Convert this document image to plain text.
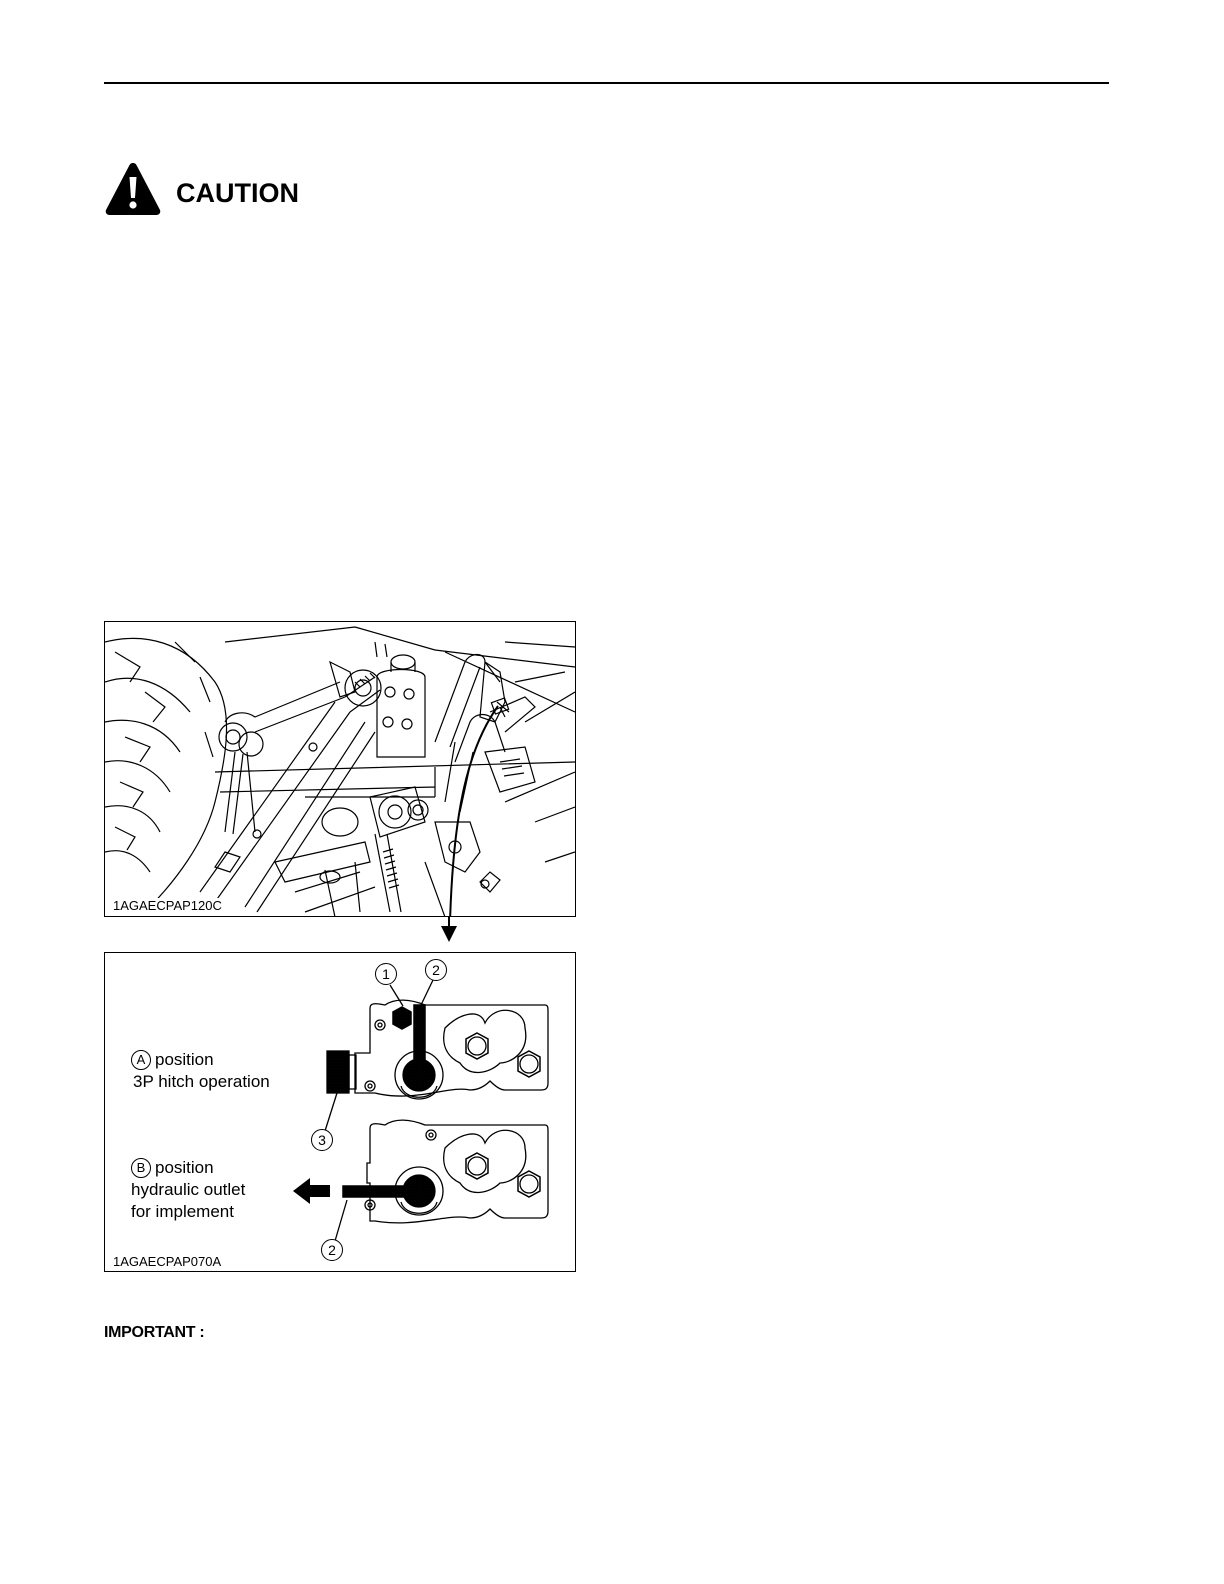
CAUTION
1AGAECPAP120C
1	2
3
2
A position
3P hitch operation
B position
hydraulic outlet
for implement
1AGAECPAP070A
IMPORTANT :
